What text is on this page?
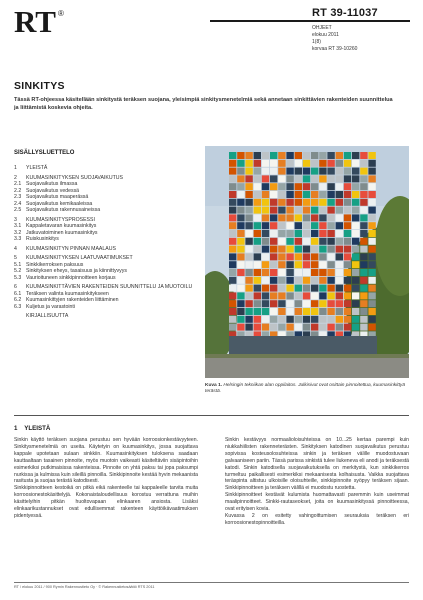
RT ®	RT 39-11037
OHJEET
elokuu 2011
1(8)
korvaa RT 39-10260
SINKITYS
Tässä RT-ohjeessa käsitellään sinkitystä teräksen suojana, yleisimpiä sinkitysmenetelmiä sekä annetaan sinkittävien rakenteiden suunnittelua ja liittämistä koskevia ohjeita.
SISÄLLYSLUETTELO
1	YLEISTÄ
2	KUUMASINKITYKSEN SUOJAVAIKUTUS
2.1 Suojavaikutus ilmassa
2.2 Suojavaikutus vedessä
2.3 Suojavaikutus maaperässä
2.4 Suojavaikutus kemikaaleissa
2.5 Suojavaikutus rakennusaineissa
3	KUUMASINKITYSPROSESSI
3.1 Kappaletavaran kuumasinkitys
3.2 Jatkuvatoiminen kuumasinkitys
3.3 Ruiskusinkitys
4	KUUMASINKITYN PINNAN MAALAUS
5	KUUMASINKITYKSEN LAATUVAATIMUKSET
5.1 Sinkkikerroksen paksuus
5.2 Sinkityksen eheys, tasaisuus ja kiinnittyvyys
5.3 Vaurioituneen sinkkipinnoitteen korjaus
6	KUUMASINKITTÄVIEN RAKENTEIDEN SUUNNITTELU JA MUOTOILU
6.1 Teräksen valinta kuumasinkitykseen
6.2 Kuumasinkittyjen rakenteiden liittäminen
6.3 Kuljetus ja varastointi
KIRJALLISUUTTA
Kuva 1. Helsingin tekniikan alan oppilaitos. Julkisivut ovat osittain pinnoitettua, kuumasinkittyä terästä.
1    YLEISTÄ

Sinkin käyttö teräksen suojana perustuu sen hyvään korroosionkestävyyteen. Sinkitysmenetelmiä on useita. Käytetyin on kuumasinkitys, jossa suojattava kappale upotetaan sulaan sinkkiin. Kuumasinkityksen tuloksena saadaan kauttaaltaan tasainen pinnoite, myös muotoin vaikeasti käsiteltäviin sisäpintoihin esimerkiksi putkimaisissa rakenteissa. Pinnoite on yhtä paksu tai jopa paksumpi nurkissa ja kulmissa kuin sileillä pinnoilla. Sinkkipinnoite kestää hyvin mekaanista rasitusta ja suojaa terästä katodisesti.

Sinkkipinnoitteen kestoikä on pitkä eikä rakenteelle tai kappaleelle tarvita muita korroosionestokäsittelyjä. Kokonaistaloudellisuus korostuu verrattuna muihin käsittelyihin pitkän huoltovapaan elinkaaren ansiosta. Lisäksi elinkaarikustannukset ovat edullisemmat rakenteen käyttöikävaatimuksen pidentyessä.

Sinkin kestävyys normaalioloisuhteissa on 10...25 kertaa parempi kuin niukkahiilisten rakenneterästen. Sinkityksen katodinen suojavaikutus perustuu sopivissa kosteusolosuhteissa sinkin ja teräksen välille muodostuvaan galvaaniseen pariin. Tässä parissa sinkistä tulee liukeneva eli anodi ja teräksestä katodi. Sinkin katodisella suojavaikutuksella on merkitystä, kun sinkkikerros turmeltuu paikallisesti esimerkiksi mekaanisesta kolhaisusta. Vaikka suojattava teräspinta altistuu ulkoisille oloisuhteille, sinkkipinnoite syöpyy teräksen sijaan. Sinkkipinnoitteen ja teräksen välillä ei muodostu ruostetta.

Sinkkipinnoitteet kestävät kulumista huomattavasti paremmin kuin useimmat maalipinnoitteet. Sinkki-rautaseokset, joita on kuumasinkityssä pinnoitteessa, ovat erityisen kovia.

Kuvassa 2 on esitetty vahingoittumisen seurauksia teräksen eri korroosionestopinnoitteilla.

RT / elokuu 2011 / 900 Rymin Rakennustieto Oy · © Rakennustietosäätiö RTS 2011
